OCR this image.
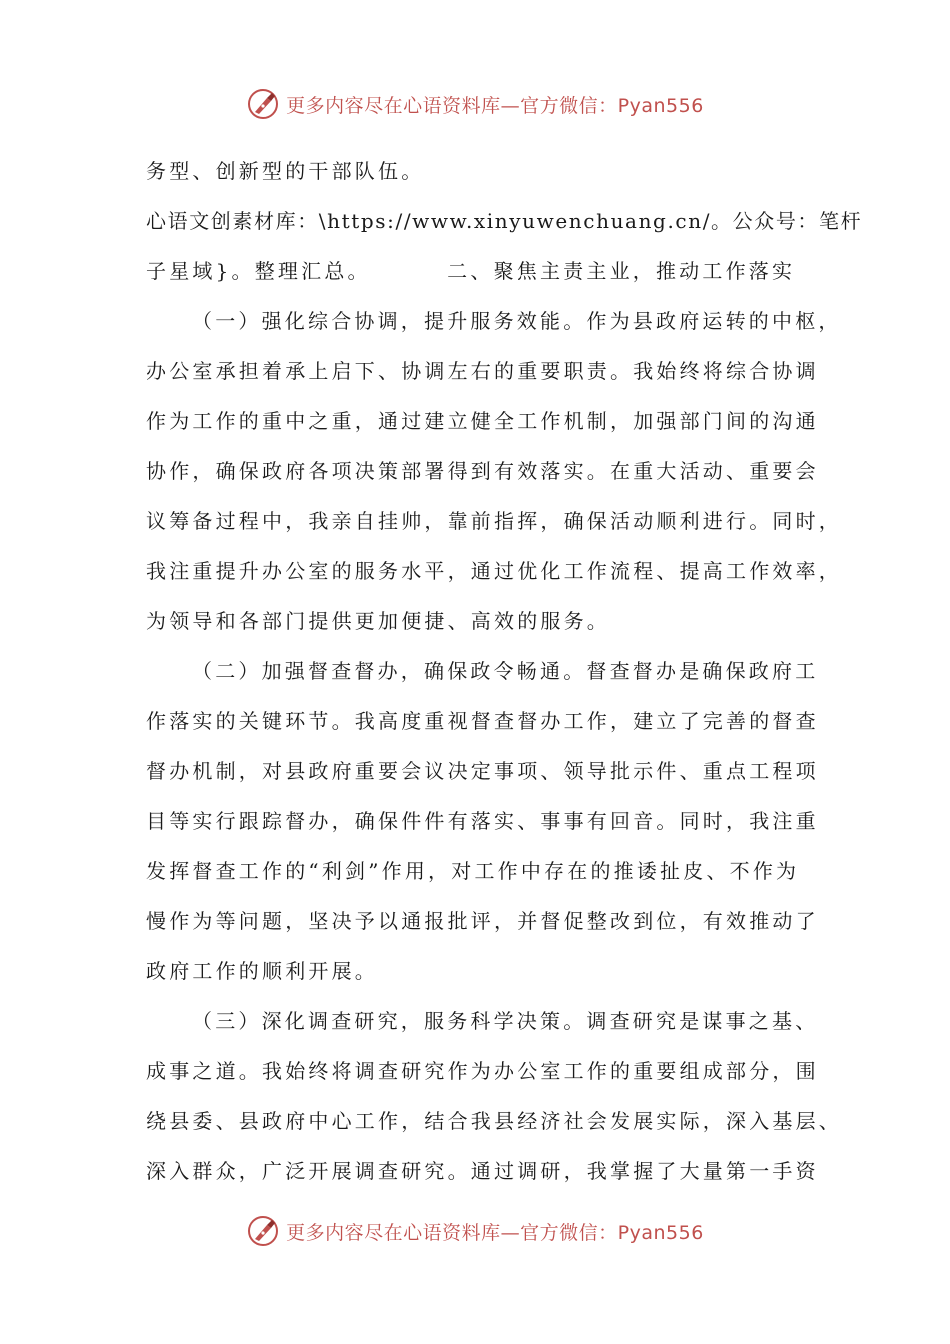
更多内容尽在心语资料库—官方微信：Pyan556
务型、创新型的干部队伍。
心语文创素材库：\https://www.xinyuwenchuang.cn/。公众号：笔杆
子星域}。整理汇总。        二、聚焦主责主业，推动工作落实
（一）强化综合协调，提升服务效能。作为县政府运转的中枢，
办公室承担着承上启下、协调左右的重要职责。我始终将综合协调
作为工作的重中之重，通过建立健全工作机制，加强部门间的沟通
协作，确保政府各项决策部署得到有效落实。在重大活动、重要会
议筹备过程中，我亲自挂帅，靠前指挥，确保活动顺利进行。同时，
我注重提升办公室的服务水平，通过优化工作流程、提高工作效率，
为领导和各部门提供更加便捷、高效的服务。
（二）加强督查督办，确保政令畅通。督查督办是确保政府工
作落实的关键环节。我高度重视督查督办工作，建立了完善的督查
督办机制，对县政府重要会议决定事项、领导批示件、重点工程项
目等实行跟踪督办，确保件件有落实、事事有回音。同时，我注重
发挥督查工作的“利剑”作用，对工作中存在的推诿扯皮、不作为
慢作为等问题，坚决予以通报批评，并督促整改到位，有效推动了
政府工作的顺利开展。
（三）深化调查研究，服务科学决策。调查研究是谋事之基、
成事之道。我始终将调查研究作为办公室工作的重要组成部分，围
绕县委、县政府中心工作，结合我县经济社会发展实际，深入基层、
深入群众，广泛开展调查研究。通过调研，我掌握了大量第一手资
更多内容尽在心语资料库—官方微信：Pyan556
